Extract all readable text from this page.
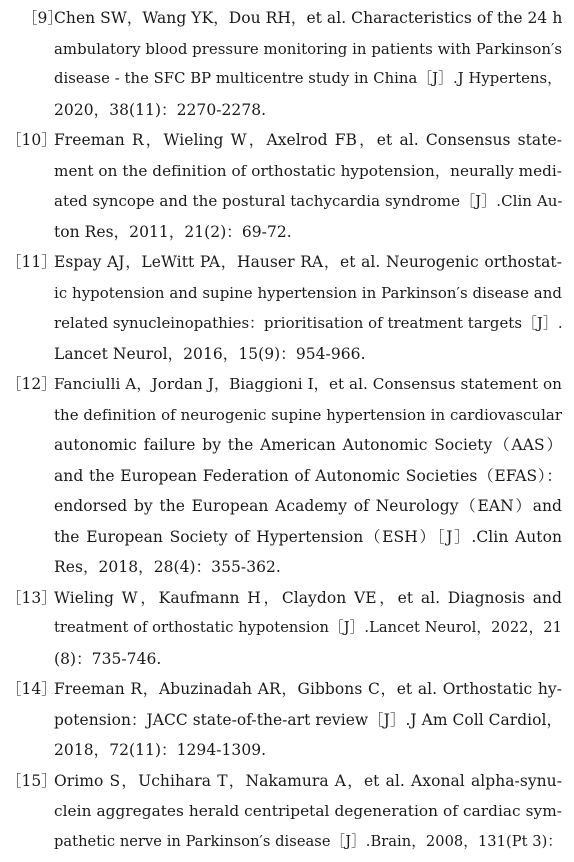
［9］
Chen SW，Wang YK，Dou RH，et al. Characteristics of the 24 h
ambulatory blood pressure monitoring in patients with Parkinson′s
disease - the SFC BP multicentre study in China［J］.J Hypertens，
2020，38(11)：2270-2278.
［10］
Freeman R，Wieling W，Axelrod FB，et al. Consensus state-
ment on the definition of orthostatic hypotension，neurally medi-
ated syncope and the postural tachycardia syndrome［J］.Clin Au-
ton Res，2011，21(2)：69-72.
［11］
Espay AJ，LeWitt PA，Hauser RA，et al. Neurogenic orthostat-
ic hypotension and supine hypertension in Parkinson′s disease and
related synucleinopathies：prioritisation of treatment targets［J］.
Lancet Neurol，2016，15(9)：954-966.
［12］
Fanciulli A，Jordan J，Biaggioni I，et al. Consensus statement on
the definition of neurogenic supine hypertension in cardiovascular
autonomic failure by the American Autonomic Society（AAS）
and the European Federation of Autonomic Societies（EFAS）：
endorsed by the European Academy of Neurology（EAN）and
the European Society of Hypertension（ESH）［J］.Clin Auton
Res，2018，28(4)：355-362.
［13］
Wieling W，Kaufmann H，Claydon VE，et al. Diagnosis and
treatment of orthostatic hypotension［J］.Lancet Neurol，2022，21
(8)：735-746.
［14］
Freeman R，Abuzinadah AR，Gibbons C，et al. Orthostatic hy-
potension：JACC state-of-the-art review［J］.J Am Coll Cardiol，
2018，72(11)：1294-1309.
［15］
Orimo S，Uchihara T，Nakamura A，et al. Axonal alpha-synu-
clein aggregates herald centripetal degeneration of cardiac sym-
pathetic nerve in Parkinson′s disease［J］.Brain，2008，131(Pt 3)：
